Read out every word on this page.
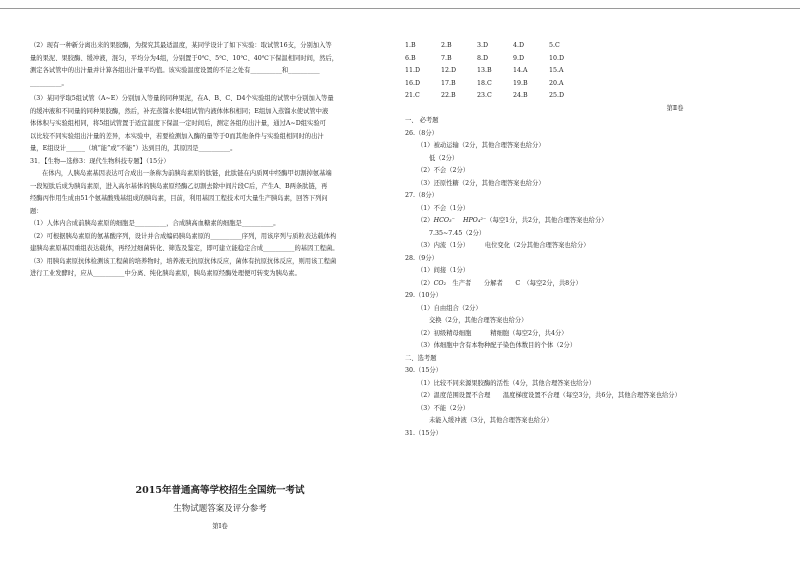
（2）现有一种新分离出来的果胶酶，为探究其最适温度，某同学设计了如下实验：取试管16支，分别加入等

量的果泥、果胶酶、缓冲液，混匀，平均分为4组，分别置于0℃、5℃、10℃、40℃下保温相同时间，然后，

测定各试管中的出汁量并计算各组出汁量平均值。该实验温度设置的不足之处有__________和__________

__________。

（3）某同学取5组试管（A~E）分别加入等量的同种果泥，在A、B、C、D4个实验组的试管中分别加入等量

的缓冲液和不同量的同种果胶酶，然后，补充蒸馏水使4组试管内液体体积相同；E组加入蒸馏水使试管中液

体体积与实验组相同，将5组试管置于适宜温度下保温一定时间后，测定各组的出汁量，通过A~D组实验可

以比较不同实验组出汁量的差异，本实验中，若要检测加入酶的量等于0而其他条件与实验组相同时的出汁

量，E组设计______（填“能”或“不能”）达到目的，其原因是__________。

31．【生物—选修3：现代生物科技专题】（15分）

在体内，人胰岛素基因表达可合成出一条称为前胰岛素原的肽链，此肽链在内质网中经酶甲切割掉氨基端

一段短肽后成为胰岛素原，进入高尔基体的胰岛素原经酶乙切割去除中间片段C后，产生A、B两条肽链，再

经酶丙作用生成由51个氨基酸残基组成的胰岛素，目前，利用基因工程技术可大量生产胰岛素，回答下列问

题：

（1）人体内合成前胰岛素原的细胞是__________，合成胰高血糖素的细胞是__________。

（2）可根据胰岛素原的氨基酸序列，设计并合成编码胰岛素原的__________序列，用该序列与质粒表达载体构

建胰岛素原基因重组表达载体，再经过细菌转化、筛选及鉴定，即可建立能稳定合成__________的基因工程菌。

（3）用胰岛素原抗体检测该工程菌的培养物时，培养液无抗原抗体反应，菌体有抗原抗体反应，则用该工程菌

进行工业发酵时，应从__________中分离、纯化胰岛素原，胰岛素原经酶处理便可转变为胰岛素。

2015年普通高等学校招生全国统一考试
生物试题答案及评分参考
第Ⅰ卷
1.B	2.B	3.D	4.D	5.C
6.B	7.B	8.D	9.D	10.D
11.D	12.D	13.B	14.A	15.A
16.D	17.B	18.C	19.B	20.A
21.C	22.B	23.C	24.B	25.D

第Ⅱ卷

一、 必考题

26.（8分）

（1）被动运输（2分，其他合理答案也给分）

低（2分）

（2）不会（2分）

（3）还原性糖（2分，其他合理答案也给分）

27.（8分）

（1）不会（1分）

（2）HCO₃⁻ HPO₄²⁻（每空1分，共2分，其他合理答案也给分）

7.35~7.45（2分）

（3）内流（1分）　　　电位变化（2分其他合理答案也给分）

28.（9分）

（1）间接（1分）

（2）CO₂　生产者　　分解者　　C　（每空2分，共8分）

29.（10分）

（1）自由组合（2分）

交换（2分，其他合理答案也给分）

（2）初级精母细胞　　　精细胞（每空2分，共4分）

（3）体细胞中含有本物种配子染色体数目的个体（2分）

二、选考题

30.（15分）

（1）比较不同来源果胶酶的活性（4分，其他合理答案也给分）

（2）温度范围设置不合理　　温度梯度设置不合理（每空3分，共6分，其他合理答案也给分）

（3）不能（2分）

未能入缓冲液（3分，其他合理答案也给分）

31.（15分）
